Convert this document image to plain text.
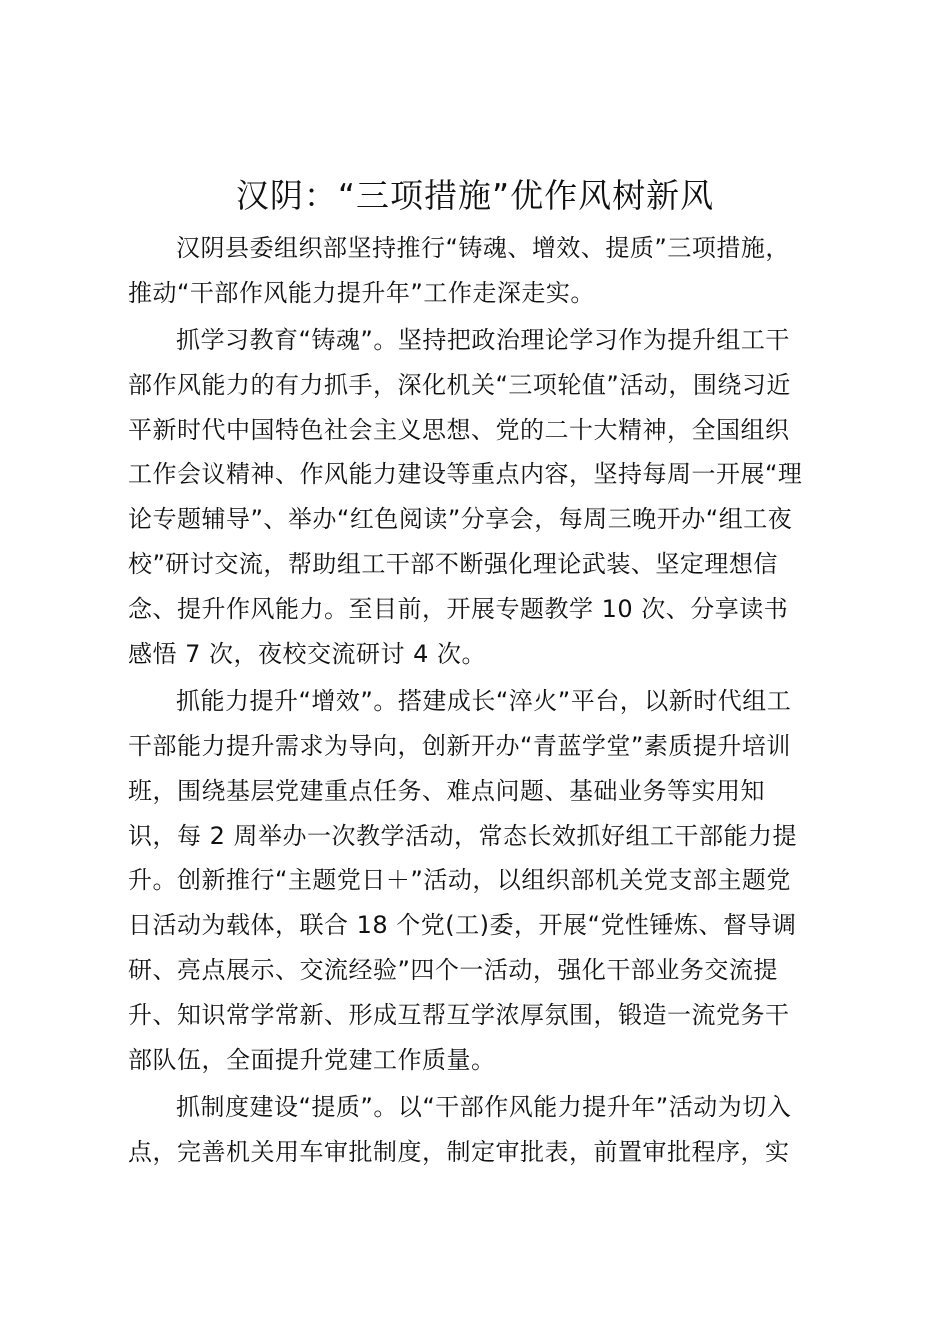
汉阴：“三项措施”优作风树新风
汉阴县委组织部坚持推行“铸魂、增效、提质”三项措施，
推动“干部作风能力提升年”工作走深走实。
抓学习教育“铸魂”。坚持把政治理论学习作为提升组工干
部作风能力的有力抓手，深化机关“三项轮值”活动，围绕习近
平新时代中国特色社会主义思想、党的二十大精神，全国组织
工作会议精神、作风能力建设等重点内容，坚持每周一开展“理
论专题辅导”、举办“红色阅读”分享会，每周三晚开办“组工夜
校”研讨交流，帮助组工干部不断强化理论武装、坚定理想信
念、提升作风能力。至目前，开展专题教学 10 次、分享读书
感悟 7 次，夜校交流研讨 4 次。
抓能力提升“增效”。搭建成长“淬火”平台，以新时代组工
干部能力提升需求为导向，创新开办“青蓝学堂”素质提升培训
班，围绕基层党建重点任务、难点问题、基础业务等实用知
识，每 2 周举办一次教学活动，常态长效抓好组工干部能力提
升。创新推行“主题党日＋”活动，以组织部机关党支部主题党
日活动为载体，联合 18 个党(工)委，开展“党性锤炼、督导调
研、亮点展示、交流经验”四个一活动，强化干部业务交流提
升、知识常学常新、形成互帮互学浓厚氛围，锻造一流党务干
部队伍，全面提升党建工作质量。
抓制度建设“提质”。以“干部作风能力提升年”活动为切入
点，完善机关用车审批制度，制定审批表，前置审批程序，实
